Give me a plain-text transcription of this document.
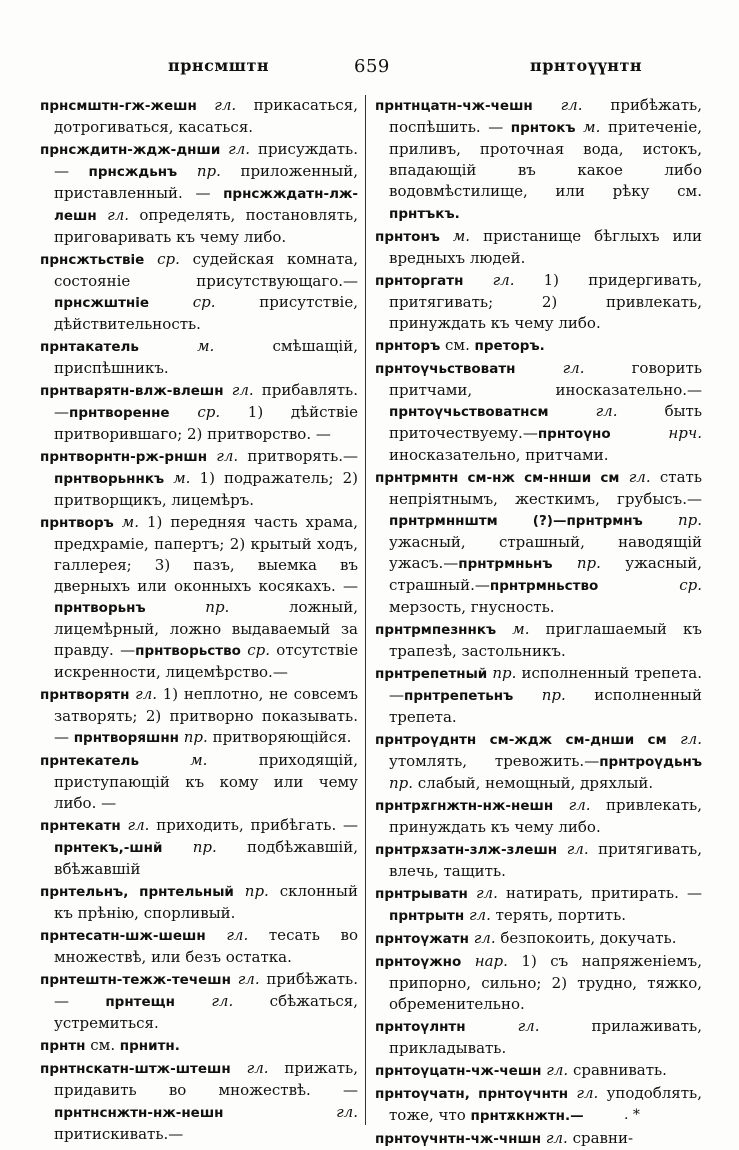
прнсмштн	659	прнтоүүнтн
прнсмштн-гж-жешн гл. прикасаться, дотрогиваться, касаться.
прнсждитн-ждж-днши гл. присуждать. — прнсждьнъ пр. приложенный, приставленный. — прнсжждатн-лж-лешн гл. определять, постановлять, приговаривать къ чему либо.
прнсжтьствіе ср. судейская комната, состояніе присутствующаго.—прнсжштніе	ср. присутствіе, дѣйствительность.
прнтакатель	м. смѣшащій, приспѣшникъ.
прнтварятн-влж-влешн гл. прибавлять.—прнтворенне ср. 1) дѣйствіе притворившаго; 2) притворство. —
прнтворнтн-рж-рншн гл. притворять.—прнтворьннкъ м. 1) подражатель; 2) притворщикъ, лицемѣръ.
прнтворъ м. 1) передняя часть храма, предхраміе, папертъ; 2) крытый ходъ, галлерея; 3) пазъ, выемка въ дверныхъ или оконныхъ косякахъ. —прнтворьнъ	пр. ложный, лицемѣрный, ложно выдаваемый за правду. —прнтворьство ср. отсутствіе искренности, лицемѣрство.—
прнтворятн гл. 1) неплотно, не совсемъ затворять; 2) притворно показывать. — прнтворяшнн пр. притворяющійся.
прнтекатель	м. приходящій, приступающій къ кому или чему либо. —
прнтекатн гл. приходить, прибѣгать. —прнтекъ,-шнй пр. подбѣжавшій, вбѣжавшій
прнтельнъ, прнтельный пр. склонный къ прѣнію, спорливый.
прнтесатн-шж-шешн гл. тесать во множествѣ, или безъ остатка.
прнтештн-тежж-течешн гл. прибѣжать. — прнтещн гл. сбѣжаться, устремиться.
прнтн см. прнитн.
прнтнскатн-штж-штешн гл. прижать, придавить во множествѣ. — прнтнснжтн-нж-нешн	гл. притискивать.—
прнтнцатн-чж-чешн гл. прибѣжать, поспѣшить. — прнтокъ м. притеченіе, приливъ, проточная вода, истокъ, впадающій въ какое либо водовмѣстилище, или рѣку см. прнтъкъ.
прнтонъ м. пристанище бѣглыхъ или вредныхъ людей.
прнторгатн гл. 1) придергивать, притягивать; 2) привлекать, принуждать къ чему либо.
прнторъ см. преторъ.
прнтоүчьствоватн	гл. говорить притчами, иносказательно.—прнтоүчьствоватнсм	гл. быть приточествуему.—прнтоүно	нрч. иносказательно, притчами.
прнтрмнтн см-нж см-ннши см гл. стать непріятнымъ, жесткимъ, грубысъ.—прнтрмннштм (?)—прнтрмнъ пр. ужасный, страшный, наводящій ужасъ.—прнтрмньнъ пр. ужасный, страшный.—прнтрмньство	ср. мерзость, гнусность.
прнтрмпезннкъ м. приглашаемый къ трапезѣ, застольникъ.
прнтрепетный пр. исполненный трепета.—прнтрепетьнъ пр. исполненный трепета.
прнтроүднтн см-ждж см-днши см гл. утомлять, тревожить.—прнтроүдьнъ пр. слабый, немощный, дряхлый.
прнтрѫгнжтн-нж-нешн гл. привлекать, принуждать къ чему либо.
прнтрѫзатн-злж-злешн гл. притягивать, влечь, тащить.
прнтрыватн гл. натирать, притирать. —прнтрытн гл. терять, портить.
прнтоүжатн гл. безпокоить, докучать.
прнтоүжно нар. 1) съ напряженіемъ, припорно, сильно; 2) трудно, тяжко, обременительно.
прнтоүлнтн	гл. прилаживать, прикладывать.
прнтоүцатн-чж-чешн гл. сравнивать.
прнтоүчатн, прнтоүчнтн гл. уподоблять, тоже, что прнтѫкнжтн.—
прнтоүчнтн-чж-чншн гл. сравни-
. *
